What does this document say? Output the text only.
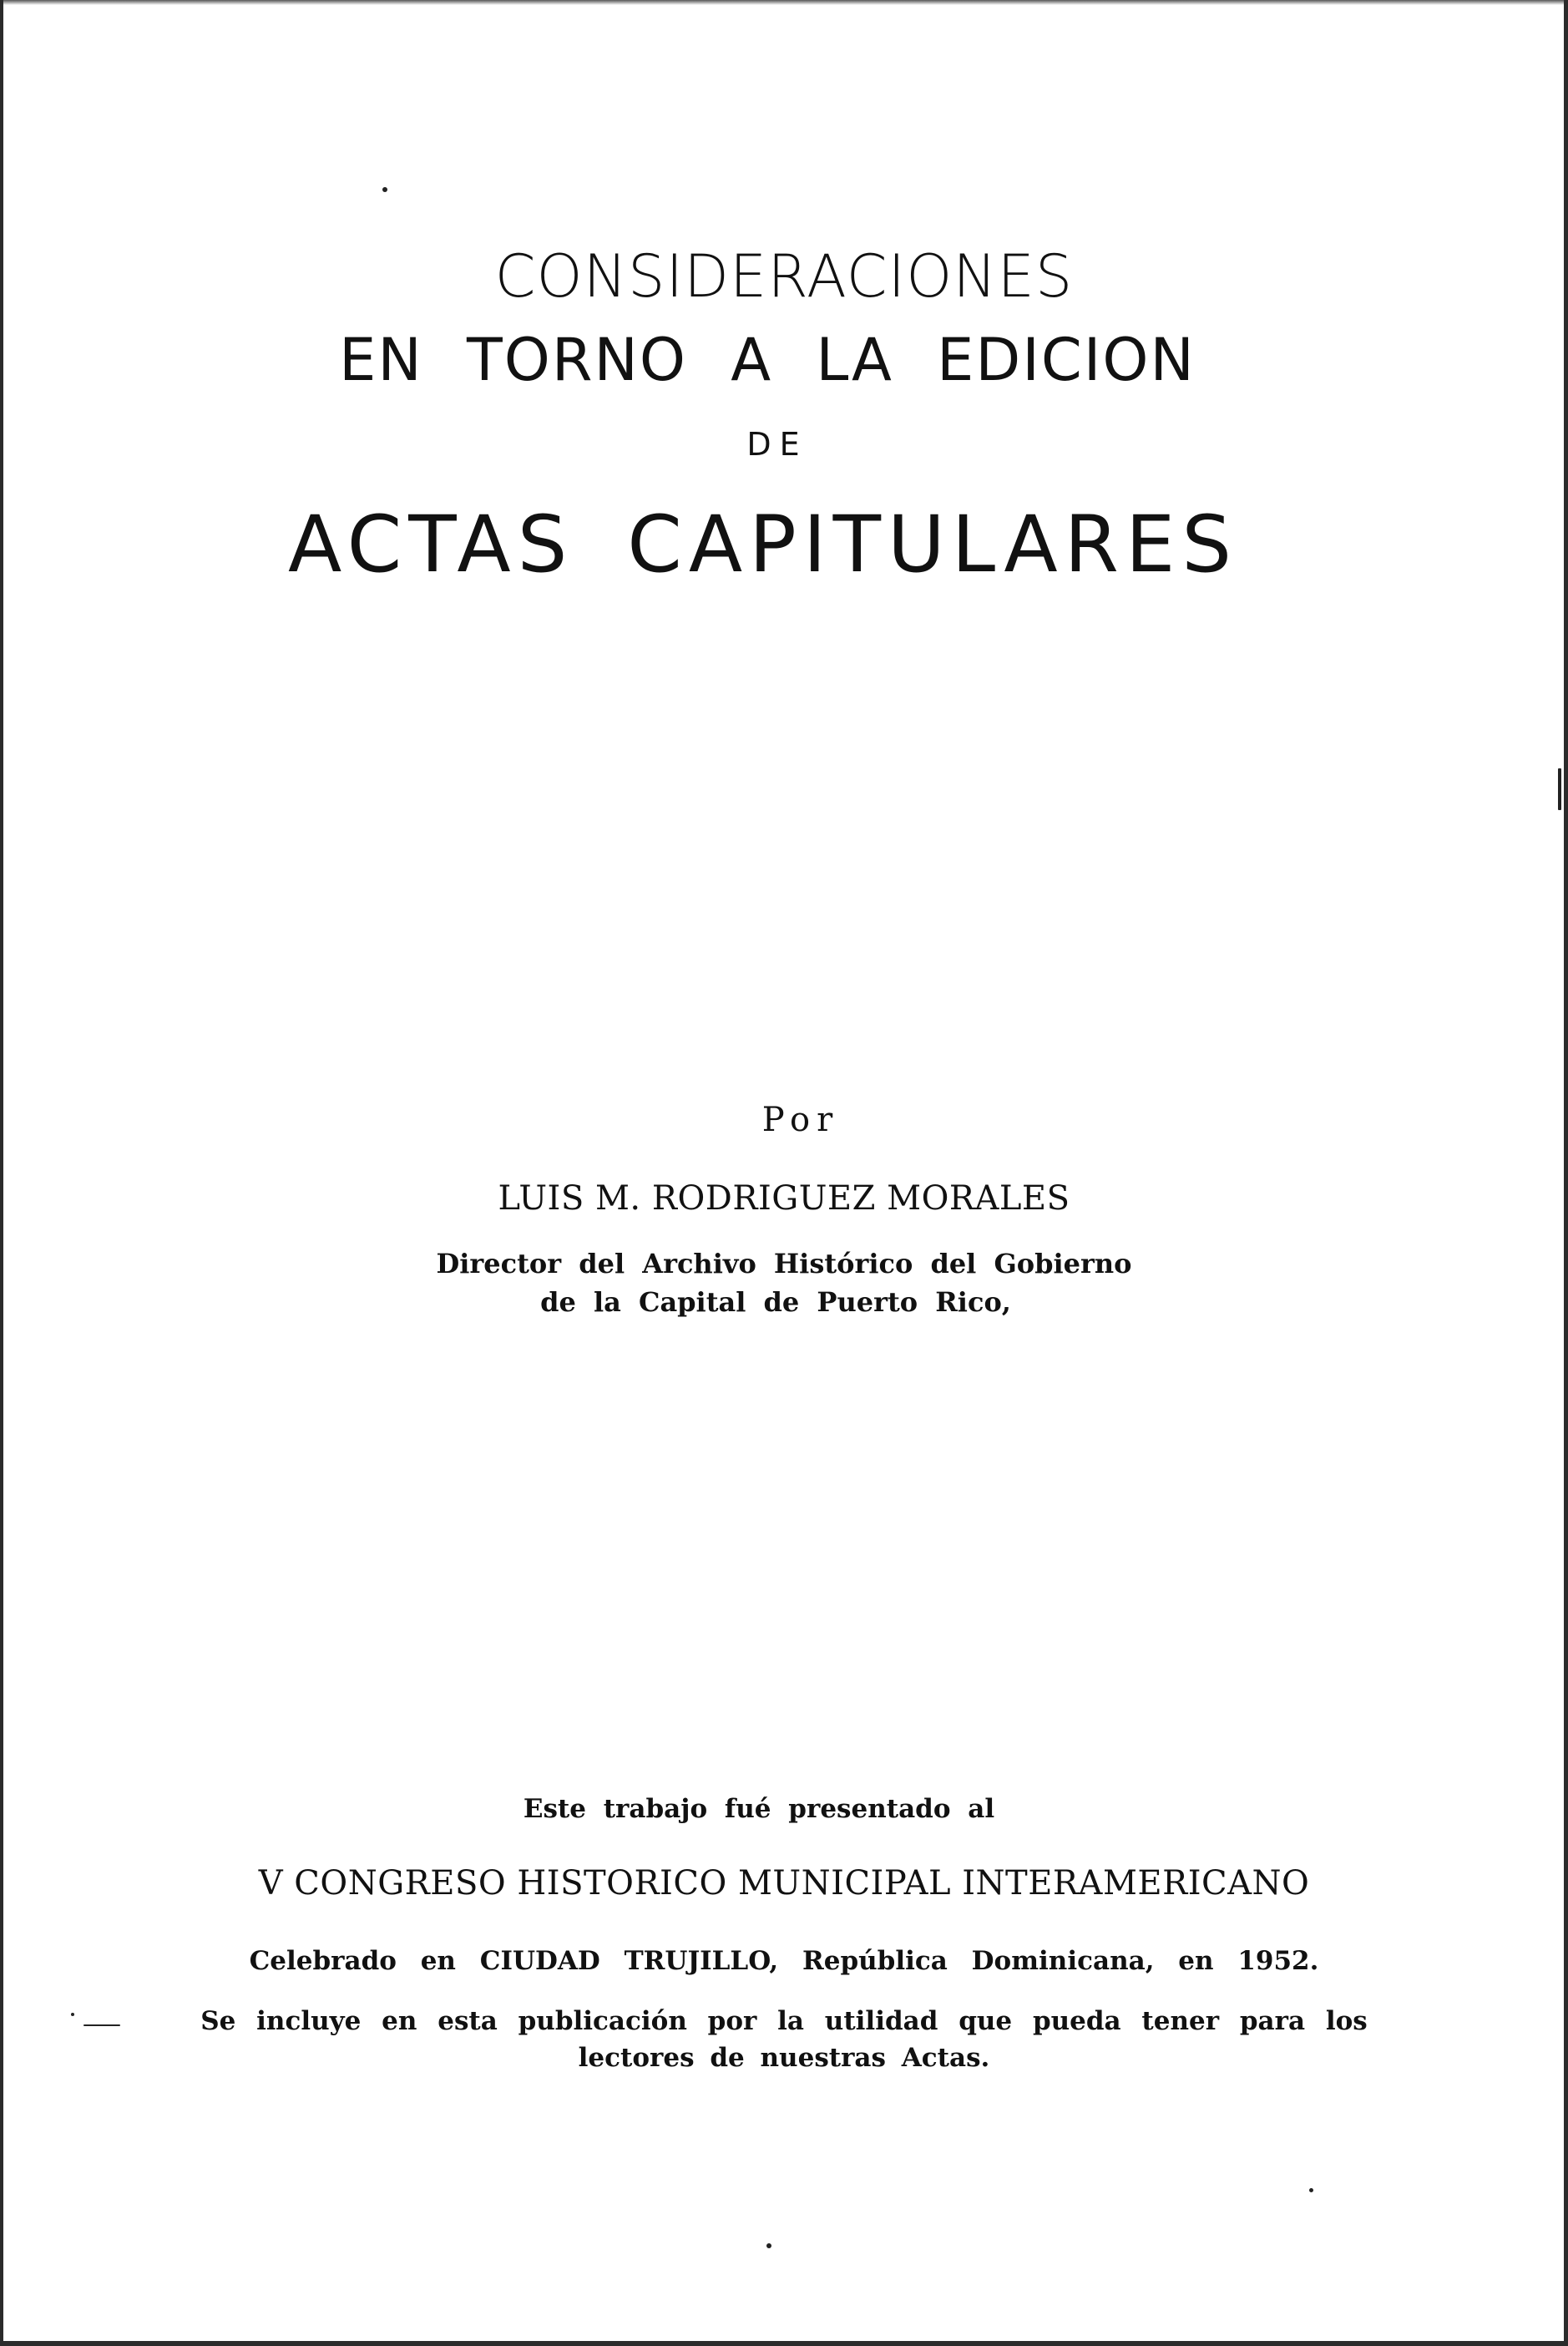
CONSIDERACIONES
EN TORNO A LA EDICION
DE
ACTAS CAPITULARES
Por
LUIS M. RODRIGUEZ MORALES
Director del Archivo Histórico del Gobierno
de la Capital de Puerto Rico,
Este trabajo fué presentado al
V CONGRESO HISTORICO MUNICIPAL INTERAMERICANO
Celebrado en CIUDAD TRUJILLO, República Dominicana, en 1952.
Se incluye en esta publicación por la utilidad que pueda tener para los
lectores de nuestras Actas.
